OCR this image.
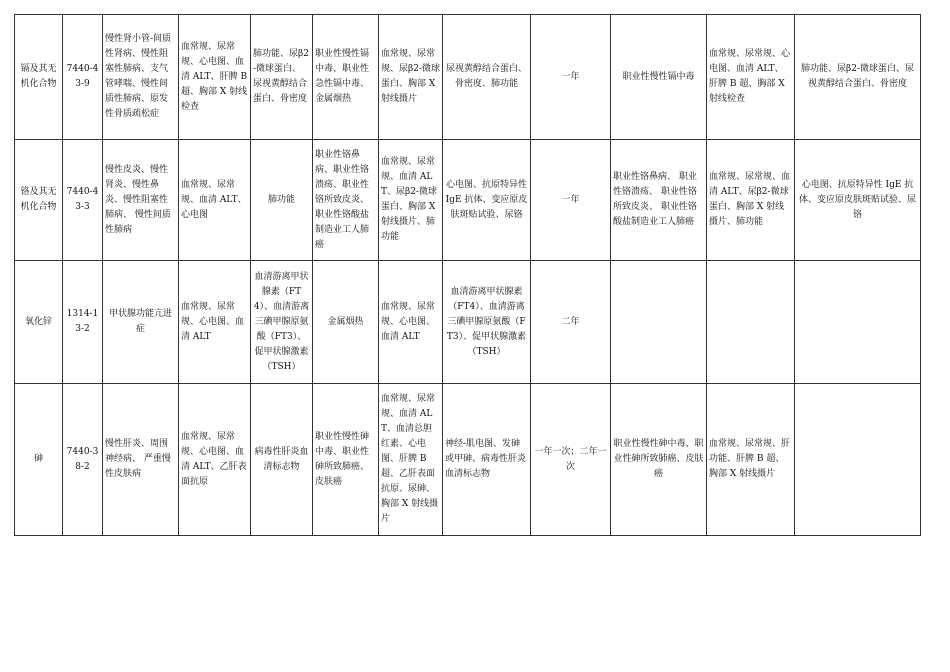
镉及其无机化合物	7440-43-9	慢性肾小管-间质性肾病、慢性阻塞性肺病、支气管哮喘、慢性间质性肺病、原发性骨质疏松症	血常规、尿常规、心电图、血清 ALT、肝脾 B 超、胸部 X 射线检查	肺功能、尿β2-微球蛋白、尿视黄醇结合蛋白、骨密度	职业性慢性镉中毒、职业性急性镉中毒、金属烟热	血常规、尿常规、尿β2-微球蛋白、胸部 X 射线摄片	尿视黄醇结合蛋白、骨密度、肺功能	一年	职业性慢性镉中毒	血常规、尿常规、心电图、血清 ALT、肝脾 B 超、胸部 X 射线检查	肺功能、尿β2-微球蛋白、尿视黄醇结合蛋白、骨密度
铬及其无机化合物	7440-43-3	慢性皮炎、慢性肾炎、慢性鼻炎、慢性阻塞性肺病、 慢性间质性肺病	血常规、尿常规、血清 ALT、心电图	肺功能	职业性铬鼻病、职业性铬溃疡、职业性铬所致皮炎、职业性铬酸盐制造业工人肺癌	血常规、尿常规、血清 ALT、尿β2-微球蛋白、胸部 X 射线摄片、肺功能	心电图、抗原特异性 IgE 抗体、变应原皮肤斑贴试验、尿铬	一年	职业性铬鼻病、 职业性铬溃疡、 职业性铬所致皮炎、 职业性铬酸盐制造业工人肺癌	血常规、尿常规、血清 ALT、尿β2-微球蛋白、胸部 X 射线摄片、肺功能	心电图、抗原特异性 IgE 抗体、变应原皮肤斑贴试验、尿铬
氧化锌	1314-13-2	甲状腺功能亢进症	血常规、尿常规、心电图、血清 ALT	血清游离甲状腺素（FT4）、血清游离三碘甲腺原氨酸（FT3）、促甲状腺激素（TSH）	金属烟热	血常规、尿常规、心电图、血清 ALT	血清游离甲状腺素（FT4）、血清游离三碘甲腺原氨酸（FT3）、促甲状腺激素（TSH）	二年			
砷	7440-38-2	慢性肝炎、周围神经病、 严重慢性皮肤病	血常规、尿常规、心电图、血清 ALT、乙肝表面抗原	病毒性肝炎血清标志物	职业性慢性砷中毒、职业性砷所致肺癌、皮肤癌	血常规、尿常规、血清 ALT、血清总胆红素、心电图、肝脾 B 超、乙肝表面抗原、尿砷、胸部 X 射线摄片	神经-肌电图、发砷或甲砷、病毒性肝炎血清标志物	一年一次；二年一次	职业性慢性砷中毒、职业性砷所致肺癌、皮肤癌	血常规、尿常规、肝功能、肝脾 B 超、胸部 X 射线摄片	
